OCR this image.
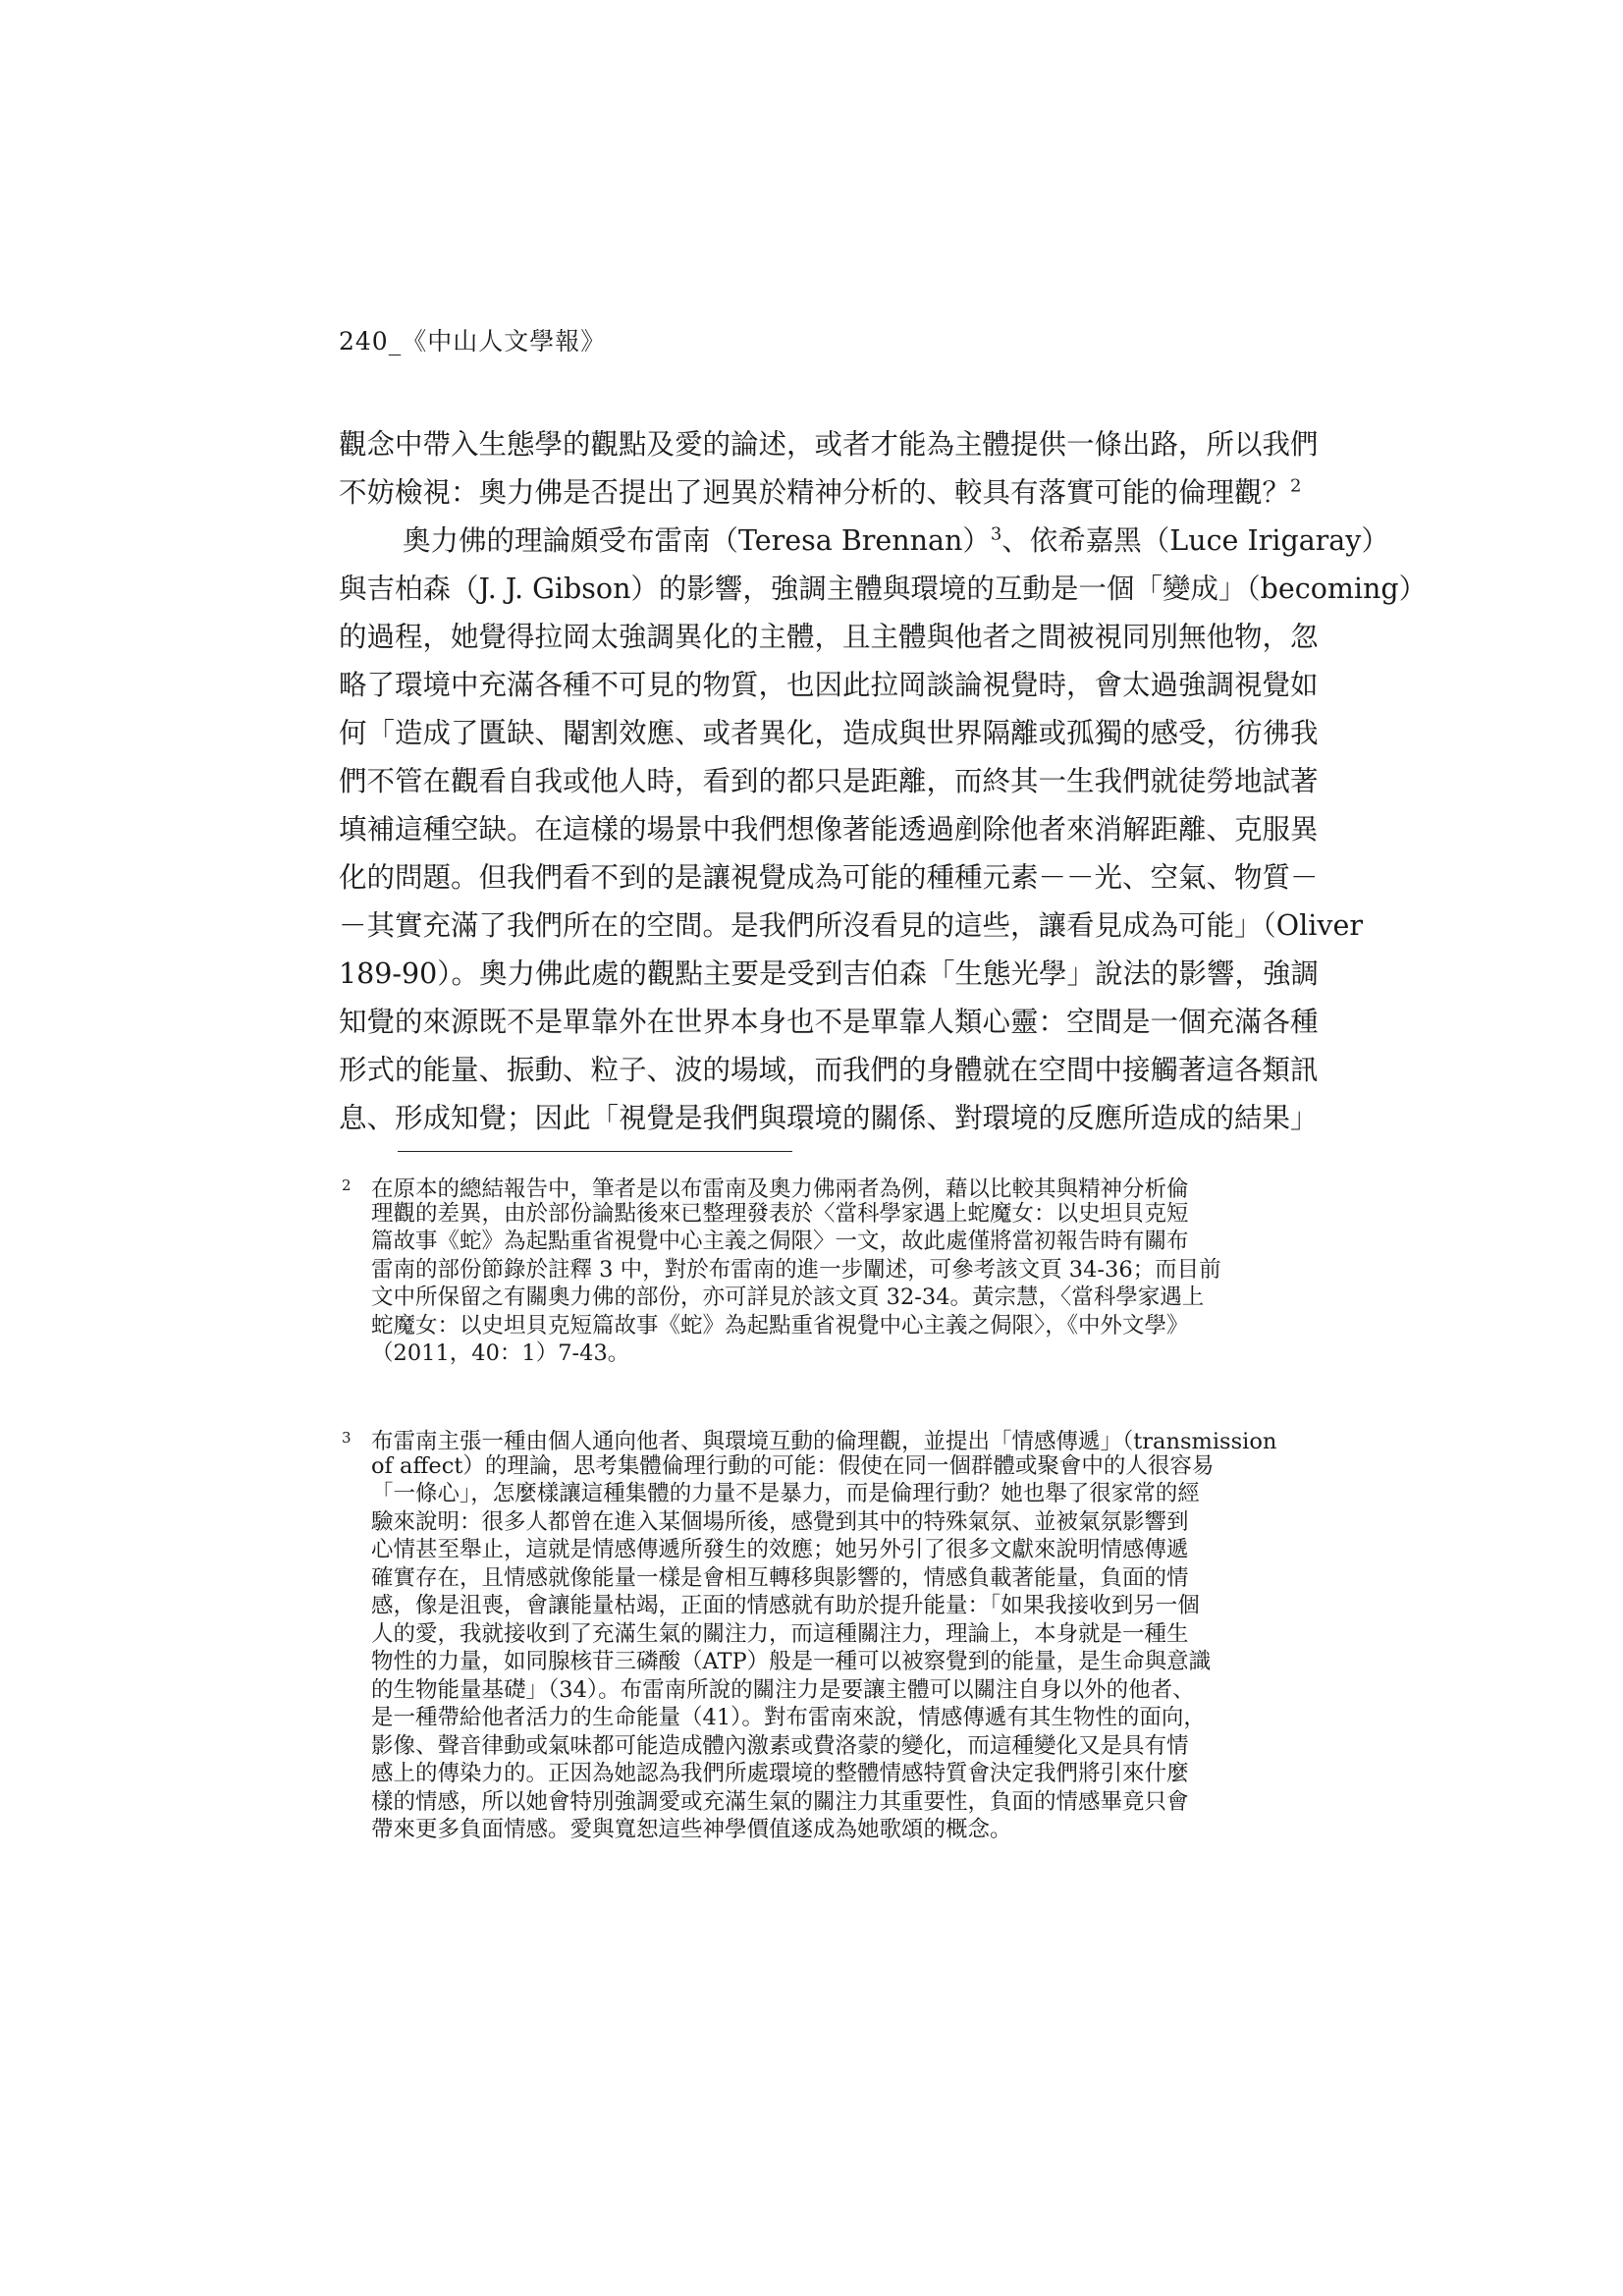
240_《中山人文學報》
觀念中帶入生態學的觀點及愛的論述，或者才能為主體提供一條出路，所以我們
不妨檢視：奧力佛是否提出了迥異於精神分析的、較具有落實可能的倫理觀？$^2$
奧力佛的理論頗受布雷南（Teresa Brennan）$^3$、依希嘉黑（Luce Irigaray）
與吉柏森（J. J. Gibson）的影響，強調主體與環境的互動是一個「變成」（becoming）
的過程，她覺得拉岡太強調異化的主體，且主體與他者之間被視同別無他物，忽
略了環境中充滿各種不可見的物質，也因此拉岡談論視覺時，會太過強調視覺如
何「造成了匱缺、閹割效應、或者異化，造成與世界隔離或孤獨的感受，彷彿我
們不管在觀看自我或他人時，看到的都只是距離，而終其一生我們就徒勞地試著
填補這種空缺。在這樣的場景中我們想像著能透過剷除他者來消解距離、克服異
化的問題。但我們看不到的是讓視覺成為可能的種種元素－－光、空氣、物質－
－其實充滿了我們所在的空間。是我們所沒看見的這些，讓看見成為可能」（Oliver
189-90）。奧力佛此處的觀點主要是受到吉伯森「生態光學」說法的影響，強調
知覺的來源既不是單靠外在世界本身也不是單靠人類心靈：空間是一個充滿各種
形式的能量、振動、粒子、波的場域，而我們的身體就在空間中接觸著這各類訊
息、形成知覺；因此「視覺是我們與環境的關係、對環境的反應所造成的結果」
2 在原本的總結報告中，筆者是以布雷南及奧力佛兩者為例，藉以比較其與精神分析倫
理觀的差異，由於部份論點後來已整理發表於〈當科學家遇上蛇魔女：以史坦貝克短
篇故事《蛇》為起點重省視覺中心主義之侷限〉一文，故此處僅將當初報告時有關布
雷南的部份節錄於註釋 3 中，對於布雷南的進一步闡述，可參考該文頁 34-36；而目前
文中所保留之有關奧力佛的部份，亦可詳見於該文頁 32-34。黃宗慧，〈當科學家遇上
蛇魔女：以史坦貝克短篇故事《蛇》為起點重省視覺中心主義之侷限〉，《中外文學》
（2011，40：1）7-43。
3 布雷南主張一種由個人通向他者、與環境互動的倫理觀，並提出「情感傳遞」（transmission
of affect）的理論，思考集體倫理行動的可能：假使在同一個群體或聚會中的人很容易
「一條心」，怎麼樣讓這種集體的力量不是暴力，而是倫理行動？她也舉了很家常的經
驗來說明：很多人都曾在進入某個場所後，感覺到其中的特殊氣氛、並被氣氛影響到
心情甚至舉止，這就是情感傳遞所發生的效應；她另外引了很多文獻來說明情感傳遞
確實存在，且情感就像能量一樣是會相互轉移與影響的，情感負載著能量，負面的情
感，像是沮喪，會讓能量枯竭，正面的情感就有助於提升能量：「如果我接收到另一個
人的愛，我就接收到了充滿生氣的關注力，而這種關注力，理論上，本身就是一種生
物性的力量，如同腺核苷三磷酸（ATP）般是一種可以被察覺到的能量，是生命與意識
的生物能量基礎」（34）。布雷南所說的關注力是要讓主體可以關注自身以外的他者、
是一種帶給他者活力的生命能量（41）。對布雷南來說，情感傳遞有其生物性的面向，
影像、聲音律動或氣味都可能造成體內激素或費洛蒙的變化，而這種變化又是具有情
感上的傳染力的。正因為她認為我們所處環境的整體情感特質會決定我們將引來什麼
樣的情感，所以她會特別強調愛或充滿生氣的關注力其重要性，負面的情感畢竟只會
帶來更多負面情感。愛與寬恕這些神學價值遂成為她歌頌的概念。
